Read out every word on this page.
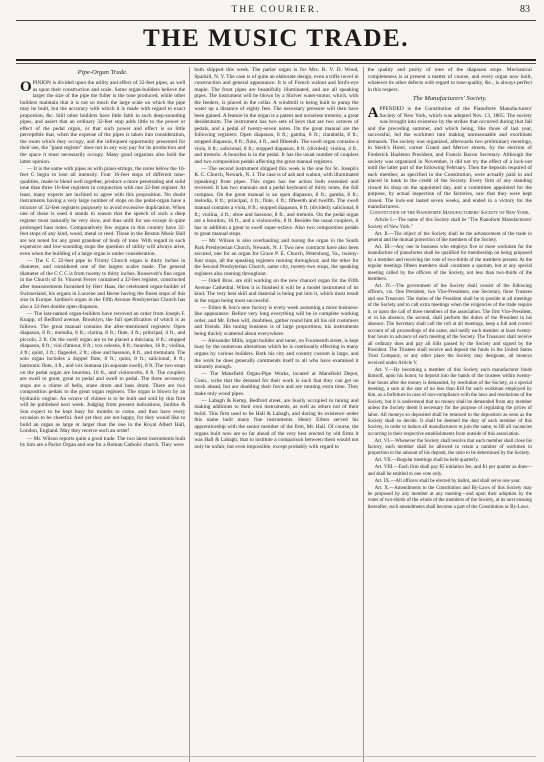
THE COURIER.	83
THE MUSIC TRADE.
Pipe-Organ Trade.

OPINION is divided upon the utility and effect of 32-feet pipes, as well as upon their construction and scale. Some organ-builders believe the larger the size of the pipe the fuller is the tone produced, while other builders maintain that it is not so much the large scale on which the pipe may be built, but the accuracy with which it is made with regard to exact proportion, &c. Still other builders have little faith in such deep-sounding pipes, and assert that an ordinary 32-feet stop adds little to the power or effect of the pedal organ, or that such power and effect is so little perceptible that, when the expense of the pipes is taken into consideration, the room which they occupy, and the infrequent opportunity presented for their use, the "giant register" does not in any way pay for its production and the space it must necessarily occupy. Many good organists also hold the latter opinion.

— It is the same with pipes as with piano-strings, the notes below the 16-feet C begin to lose all intensity. Four 16-feet stops of different tone-qualities, made to blend well together, produce a more penetrating and solid tone than three 16-feet registers in conjunction with one 32-feet register. At least, many experts are inclined to agree with this proposition. No doubt instruments having a very large number of stops on the pedal-organ have a mixture of 32-feet registers purposely to avoid excessive duplication. When one of these is used it stands to reason that the speech of such a deep register must naturally be very slow, and thus unfit for use except in quite prolonged bass notes. Comparatively few organs in this country have 32-feet stops of any kind, wood, metal or reed. Those in the Boston Music Hall are not noted for any great grandeur of body of tone. With regard to such expensive and low-sounding stops the question of utility will always arise, even when the building of a large organ is under consideration.

— The C C 32-feet pipe in Trinity Church organ is thirty inches in diameter, and considered one of the largest scales made. The general diameter of the C C C is from twenty to thirty inches. Roosevelt's fine organ in the Church of St. Vincent Ferrer contained a 32-feet register, constructed after measurements furnished by Herr Haas, the celebrated organ-builder of Switzerland, his organs in Lucerne and Berne having the finest stops of this size in Europe. Jardine's organ in the Fifth Avenue Presbyterian Church has also a 32-feet double open diapason.

— The last-named organ-builders have received an order from Joseph F. Knapp, of Bedford avenue, Brooklyn, the full specification of which is as follows. The great manual contains the after-mentioned registers: Open diapason, 8 ft.; melodia, 8 ft.; clarina, 8 ft.; flute, 4 ft.; principal, 4 ft., and piccolo, 2 ft. On the swell organ are to be placed a dulciana, 8 ft.; stopped diapason, 8 ft.; viol d'amour, 8 ft.; vox celestis, 8 ft.; bourdon, 16 ft.; violina, 4 ft.; quint, 3 ft.; flageolet, 2 ft.; oboe and bassoon, 8 ft., and tremulant. The solo organ includes a doppel flute, 8 ft.; quint, 8 ft.; salicional, 8 ft.; harmonic flute, 4 ft., and vox humana (in separate swell), 8 ft. The two stops on the pedal organ are bourdon, 16 ft., and violoncello, 8 ft. The couplers are swell to great, great to pedal and swell to pedal. The three accessory stops are a chime of bells, snare drum and bass drum. There are two composition pedals to the great organ registers. The organ is blown by an hydraulic engine. An octave of chimes is to be built and sold by this firm will be published next week. Judging from present indications, Jardine & Son expect to be kept busy for months to come, and thus have every occasion to be cheerful. And yet they are not happy, for they would like to build an organ as large or larger than the one in the Royal Albert Hall, London, England. May they receive such an order!

— Mr. Wilson reports quite a good trade. The two latest instruments built by him are a Parlor Organ and one for a Roman Catholic church. They were

both shipped this week. The parlor organ is for Mrs. R. V. D. Wood, Sparkill, N. Y. The case is of quite an elaborate design, even a trifle novel in construction and general appearance. It is of French walnut and bird's-eye maple. The front pipes are beautifully illuminated, and are all speaking pipes. The instrument will be blown by a Shriver water-motor, which, with the feeders, is placed in the cellar. A windmill is being built to pump the water up a distance of eighty feet. The necessary pressure will then have been gained. A feature in the organ is a patent and noiseless tremolo, a great desideratum. The instrument has two sets of keys that are two octaves of pedals, and a pedal of twenty-seven notes. On the great manual are the following registers: Open diapason, 8 ft.; gamba, 8 ft.; clarabella, 8 ft.; stopped diapason, 8 ft.; flute, 4 ft., and fifteenth. The swell organ contains a viola, 8 ft.; salicional, 8 ft.; stopped diapason, 8 ft. (divided); violina, 4 ft., and tremolo. A bourdon is in the pedal. It has the usual number of couplers and two composition pedals affecting the great manual registers.

— The second instrument shipped this week is the one for St. Joseph's R. C. Church, Newark, N. J. The case is of ash and walnut, with illuminated (speaking) front pipes. This organ has the action both extended and reversed. It has two manuals and a pedal keyboard of thirty notes, the full compass. On the great manual is an open diapason, 8 ft.; gamba, 8 ft.; melodia, 8 ft.; principal, 4 ft.; flute, 4 ft.; fifteenth and twelfth. The swell manual contains a viola, 8 ft.; stopped diapason, 8 ft. (divided); salicional, 8 ft.; violina, 4 ft.; oboe and bassoon, 8 ft., and tremolo. On the pedal organ are a bourdon, 16 ft., and a violoncello, 8 ft. Besides the usual couplers, it has in addition a great to swell super-octave. Also two composition pedals to great manual stops.

— Mr. Wilson is also overhauling and tuning the organ in the South Park Presbyterian Church, Newark, N. J. Two new contracts have also been secured, one for an organ for Grace P. E. Church, Petersburg, Va., twenty-four stops, all the speaking registers running throughout; and the other for the Second Presbyterian Church, same city, twenty-two stops, the speaking registers also running throughout.

— Odell Bros. are still working on the new chancel organ for the Fifth Avenue Cathedral. When it is finished it will be a model instrument of its kind. The very best skill and material is being put into it, which must result in the organ being most successful.

— Erben & Son's new factory is every week assuming a more business-like appearance. Before very long everything will be in complete working order, and Mr. Erben will, doubtless, gather round him all his old customers and friends. His tuning business is of large proportions, his instruments being thickly scattered about everywhere.

— Alexander Mills, organ builder and tuner, on Fourteenth street, is kept busy by the numerous alterations which he is continually effecting in many organs by various builders. Both his city and country custom is large, and the work he does generally commends itself to all who have examined it minutely enough.

— The Mansfield Organ-Pipe Works, located at Mansfield Depot, Conn., write that the demand for their work is such that they can get no stock ahead, but are doubling their force and are running extra time. They make only wood pipes.

— Labagh & Kemp, Bedford street, are busily occupied in tuning and making additions to their own instruments, as well as others not of their build. This firm used to be Hall & Labagh, and during its existence under this name built many fine instruments. Henry Erben served his apprenticeship with the senior member of the firm, Mr. Hall. Of course, the organs built now are so far ahead of the very best erected by old firms it was Hall & Labagh, that to institute a comparison between them would not only be unfair, but even impossible, except probably with regard to

the quality and purity of tone of the diapason stops. Mechanical completeness is at present a matter of course, and every organ now built, whatever its other defects with regard to tone-quality, &c., is always perfect in this respect.

The Manufacturers' Society.

APPENDED is the Constitution of the Pianoforte Manufacturers' Society of New York, which was adopted Nov. 13, 1865. The society was brought into existence by the strikes that occurred during that fall and the preceding summer, and which being, like those of last year, successful, led the workmen into making unreasonable and exorbitant demands. The society was organized, afterwards two preliminary meetings, in Steck's Hotel, corner Grand and Mercer streets, by the election of Frederick Hazleton President, and Francis Bacon Secretary. Although the society was organized in November, it did not try the effect of a lock-out until the latter part of the following February. Then the deposits required of each member, as specified in the Constitution, were actually paid in and placed in bank to the credit of the Society. Every firm of any standing closed its shop on the appointed day, and a committee appointed for the purpose, by actual inspection of the factories, saw that they were kept closed. The lock-out lasted seven weeks, and ended in a victory for the manufacturers.

Constitution of the Pianoforte Manufacturers' Society of New York.

Article I.—The name of this Society shall be "The Pianoforte Manufacturers' Society of New York."

Art. II.—The object of the Society shall be the advancement of the trade in general and the mutual protection of the members of the Society.

Art. III.—Any one in business who employs five or more workmen for the manufacture of pianofortes shall be qualified for membership on being proposed by a member and receiving the vote of two-thirds of the members present. At the regular meetings fifteen members shall constitute a quorum, but at any special meeting called by the officers of the Society, not less than two-thirds of the members.

Art. IV.—The government of the Society shall consist of the following officers, viz. One President, two Vice-Presidents, one Secretary, three Trustees and one Treasurer. The duties of the President shall be to preside at all meetings of the Society and to call extra meetings when the exigencies of the trade require it, or upon the call of three members of the association. The first Vice-President, or in his absence, the second, shall perform the duties of the President in his absence. The Secretary shall call the roll at all meetings, keep a full and correct account of all proceedings of the same, and notify each member at least twenty-four hours in advance of each meeting of the Society. The Treasurer shall receive all ordinary dues and pay all bills passed by the Society and signed by the President. The Trustees shall receive and deposit the funds in the United States Trust Company, or any other place the Society may designate, all moneys received under Article V.

Art. V.—By becoming a member of this Society each manufacturer binds himself, upon his honor, to deposit into the hands of the trustees within twenty-four hours after the money is demanded, by resolution of the Society, at a special meeting, a sum at the rate of no less than $10 for each workman employed by him, as a forfeiture in case of non-compliance with the laws and resolutions of the Society, but it is understood that no money shall be demanded from any member unless the Society deem it necessary for the purpose of regulating the prices of labor. All moneys so deposited shall be returned to the depositors as soon as the Society shall so decide. It shall be deemed the duty of each member of this Society, in order to induce all manufacturers to join the same, to fill all vacancies occurring in their respective establishments from outside of this association.

Art. VI.—Whenever the Society shall resolve that each member shall close his factory, each member shall be allowed to retain a number of workmen in proportion to the amount of his deposit, the ratio to be determined by the Society.

Art. VII.—Regular meetings shall be held quarterly.

Art. VIII.—Each firm shall pay $5 initiation fee, and $1 per quarter as dues—and shall be entitled to one vote only.

Art. IX.—All officers shall be elected by ballot, and shall serve one year.

Art. X.—Amendments to the Constitution and By-Laws of this Society may be proposed by any member at any meeting—and upon their adoption by the votes of two-thirds of the whole of the members of the Society, at its next ensuing thereafter, such amendments shall become a part of the Constitution or By-Laws.
